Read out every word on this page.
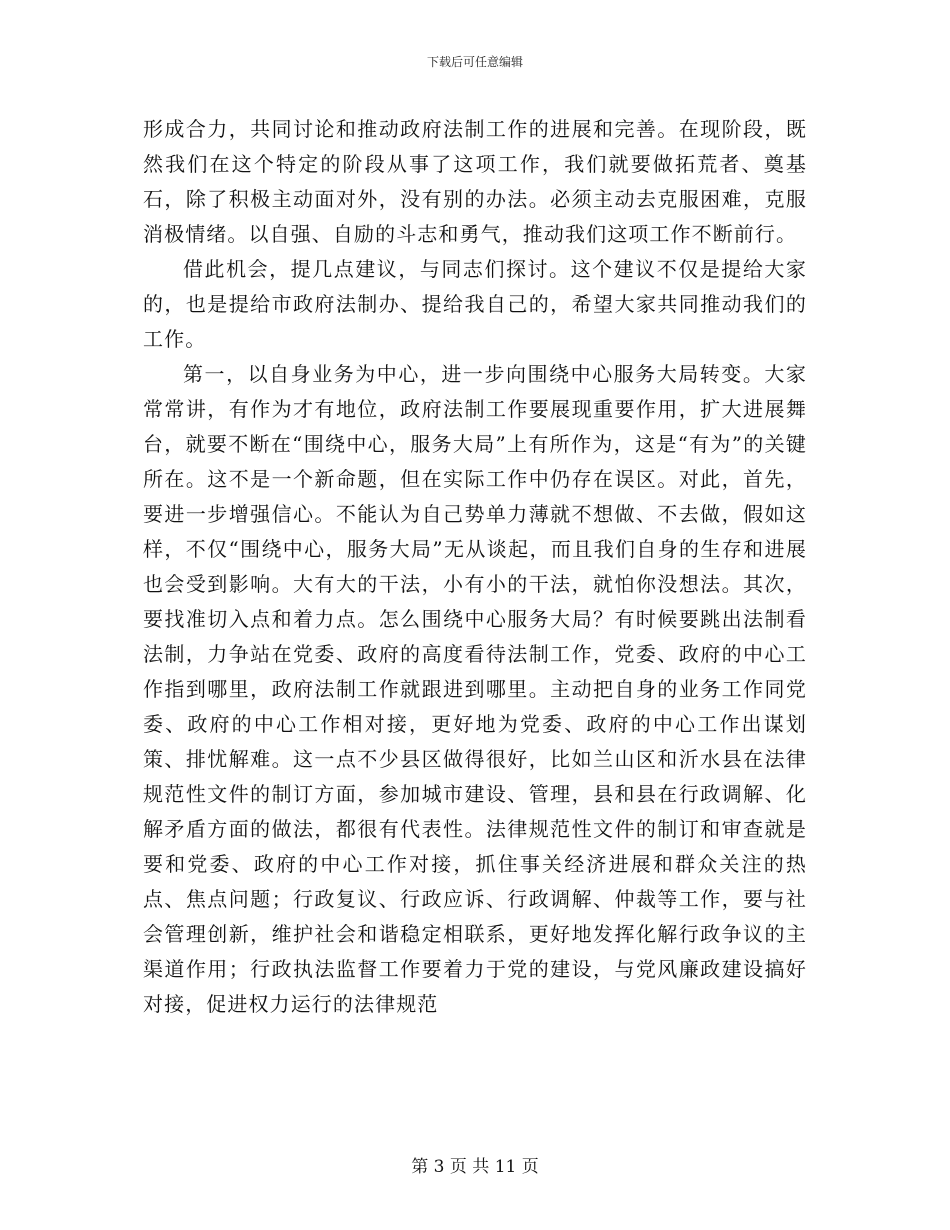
下载后可任意编辑

形成合力，共同讨论和推动政府法制工作的进展和完善。在现阶段，既然我们在这个特定的阶段从事了这项工作，我们就要做拓荒者、奠基石，除了积极主动面对外，没有别的办法。必须主动去克服困难，克服消极情绪。以自强、自励的斗志和勇气，推动我们这项工作不断前行。

借此机会，提几点建议，与同志们探讨。这个建议不仅是提给大家的，也是提给市政府法制办、提给我自己的，希望大家共同推动我们的工作。

第一，以自身业务为中心，进一步向围绕中心服务大局转变。大家常常讲，有作为才有地位，政府法制工作要展现重要作用，扩大进展舞台，就要不断在“围绕中心，服务大局”上有所作为，这是“有为”的关键所在。这不是一个新命题，但在实际工作中仍存在误区。对此，首先，要进一步增强信心。不能认为自己势单力薄就不想做、不去做，假如这样，不仅“围绕中心，服务大局”无从谈起，而且我们自身的生存和进展也会受到影响。大有大的干法，小有小的干法，就怕你没想法。其次，要找准切入点和着力点。怎么围绕中心服务大局？有时候要跳出法制看法制，力争站在党委、政府的高度看待法制工作，党委、政府的中心工作指到哪里，政府法制工作就跟进到哪里。主动把自身的业务工作同党委、政府的中心工作相对接，更好地为党委、政府的中心工作出谋划策、排忧解难。这一点不少县区做得很好，比如兰山区和沂水县在法律规范性文件的制订方面，参加城市建设、管理，县和县在行政调解、化解矛盾方面的做法，都很有代表性。法律规范性文件的制订和审查就是要和党委、政府的中心工作对接，抓住事关经济进展和群众关注的热点、焦点问题；行政复议、行政应诉、行政调解、仲裁等工作，要与社会管理创新，维护社会和谐稳定相联系，更好地发挥化解行政争议的主渠道作用；行政执法监督工作要着力于党的建设，与党风廉政建设搞好对接，促进权力运行的法律规范

第 3 页 共 11 页
